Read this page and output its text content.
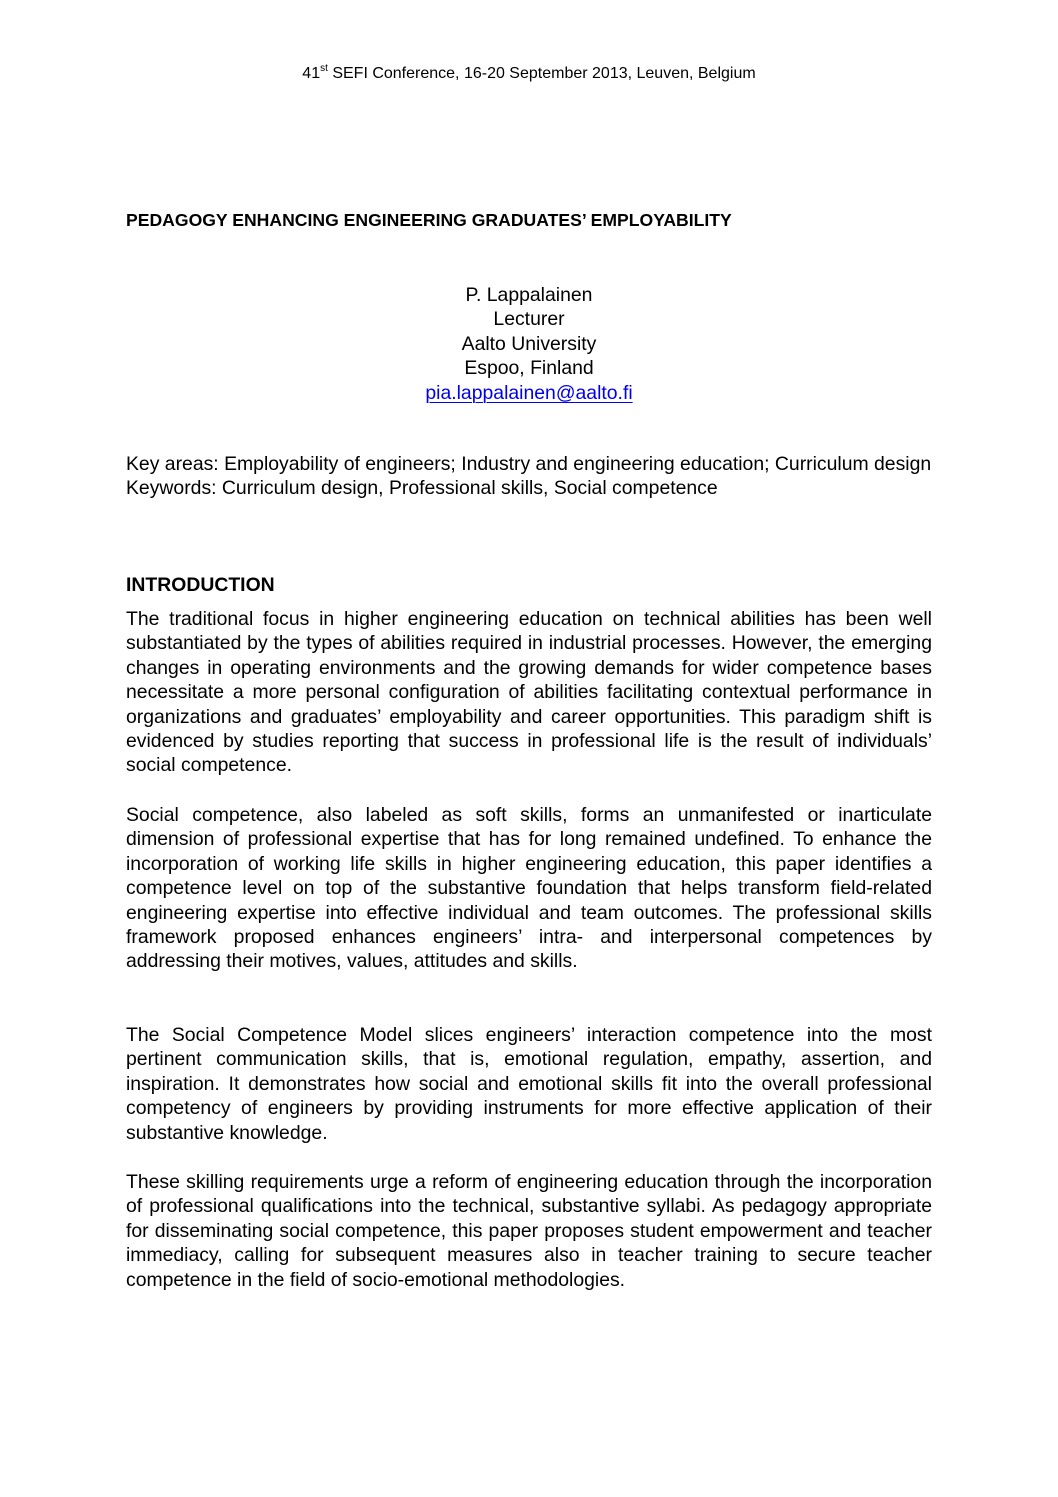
41st SEFI Conference, 16-20 September 2013, Leuven, Belgium
PEDAGOGY ENHANCING ENGINEERING GRADUATES’ EMPLOYABILITY
P. Lappalainen
Lecturer
Aalto University
Espoo, Finland
pia.lappalainen@aalto.fi

Key areas: Employability of engineers; Industry and engineering education; Curriculum design

Keywords: Curriculum design, Professional skills, Social competence

INTRODUCTION

The traditional focus in higher engineering education on technical abilities has been well substantiated by the types of abilities required in industrial processes. However, the emerging changes in operating environments and the growing demands for wider competence bases necessitate a more personal configuration of abilities facilitating contextual performance in organizations and graduates’ employability and career opportunities. This paradigm shift is evidenced by studies reporting that success in professional life is the result of individuals’ social competence.

Social competence, also labeled as soft skills, forms an unmanifested or inarticulate dimension of professional expertise that has for long remained undefined. To enhance the incorporation of working life skills in higher engineering education, this paper identifies a competence level on top of the substantive foundation that helps transform field-related engineering expertise into effective individual and team outcomes. The professional skills framework proposed enhances engineers’ intra- and interpersonal competences by addressing their motives, values, attitudes and skills.

The Social Competence Model slices engineers’ interaction competence into the most pertinent communication skills, that is, emotional regulation, empathy, assertion, and inspiration. It demonstrates how social and emotional skills fit into the overall professional competency of engineers by providing instruments for more effective application of their substantive knowledge.

These skilling requirements urge a reform of engineering education through the incorporation of professional qualifications into the technical, substantive syllabi. As pedagogy appropriate for disseminating social competence, this paper proposes student empowerment and teacher immediacy, calling for subsequent measures also in teacher training to secure teacher competence in the field of socio-emotional methodologies.
